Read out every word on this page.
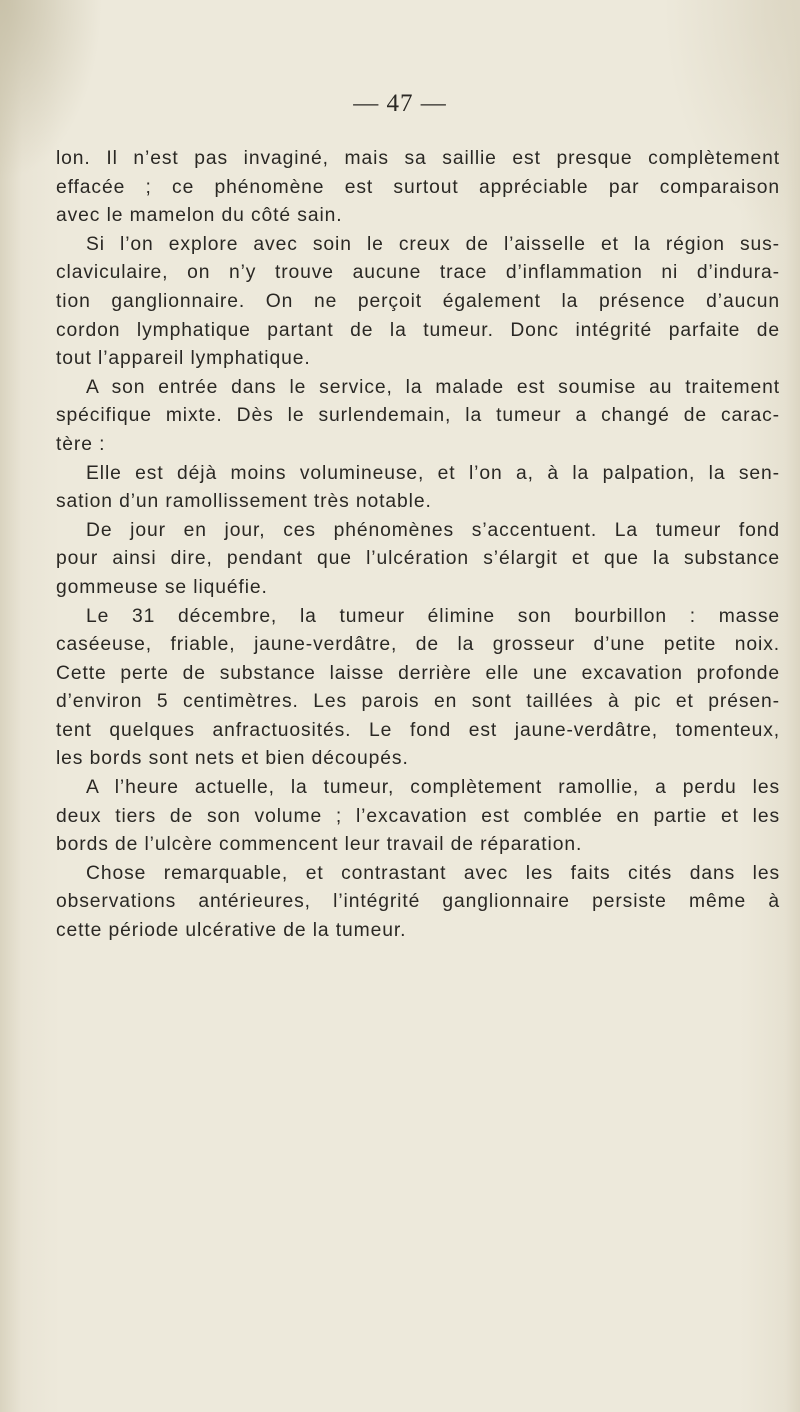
— 47 —
lon. Il n’est pas invaginé, mais sa saillie est presque complètement
effacée ; ce phénomène est surtout appréciable par comparaison
avec le mamelon du côté sain.
Si l’on explore avec soin le creux de l’aisselle et la région sus-
claviculaire, on n’y trouve aucune trace d’inflammation ni d’indura-
tion ganglionnaire. On ne perçoit également la présence d’aucun
cordon lymphatique partant de la tumeur. Donc intégrité parfaite de
tout l’appareil lymphatique.
A son entrée dans le service, la malade est soumise au traitement
spécifique mixte. Dès le surlendemain, la tumeur a changé de carac-
tère :
Elle est déjà moins volumineuse, et l’on a, à la palpation, la sen-
sation d’un ramollissement très notable.
De jour en jour, ces phénomènes s’accentuent. La tumeur fond
pour ainsi dire, pendant que l’ulcération s’élargit et que la substance
gommeuse se liquéfie.
Le 31 décembre, la tumeur élimine son bourbillon : masse
caséeuse, friable, jaune-verdâtre, de la grosseur d’une petite noix.
Cette perte de substance laisse derrière elle une excavation profonde
d’environ 5 centimètres. Les parois en sont taillées à pic et présen-
tent quelques anfractuosités. Le fond est jaune-verdâtre, tomenteux,
les bords sont nets et bien découpés.
A l’heure actuelle, la tumeur, complètement ramollie, a perdu les
deux tiers de son volume ; l’excavation est comblée en partie et les
bords de l’ulcère commencent leur travail de réparation.
Chose remarquable, et contrastant avec les faits cités dans les
observations antérieures, l’intégrité ganglionnaire persiste même à
cette période ulcérative de la tumeur.
